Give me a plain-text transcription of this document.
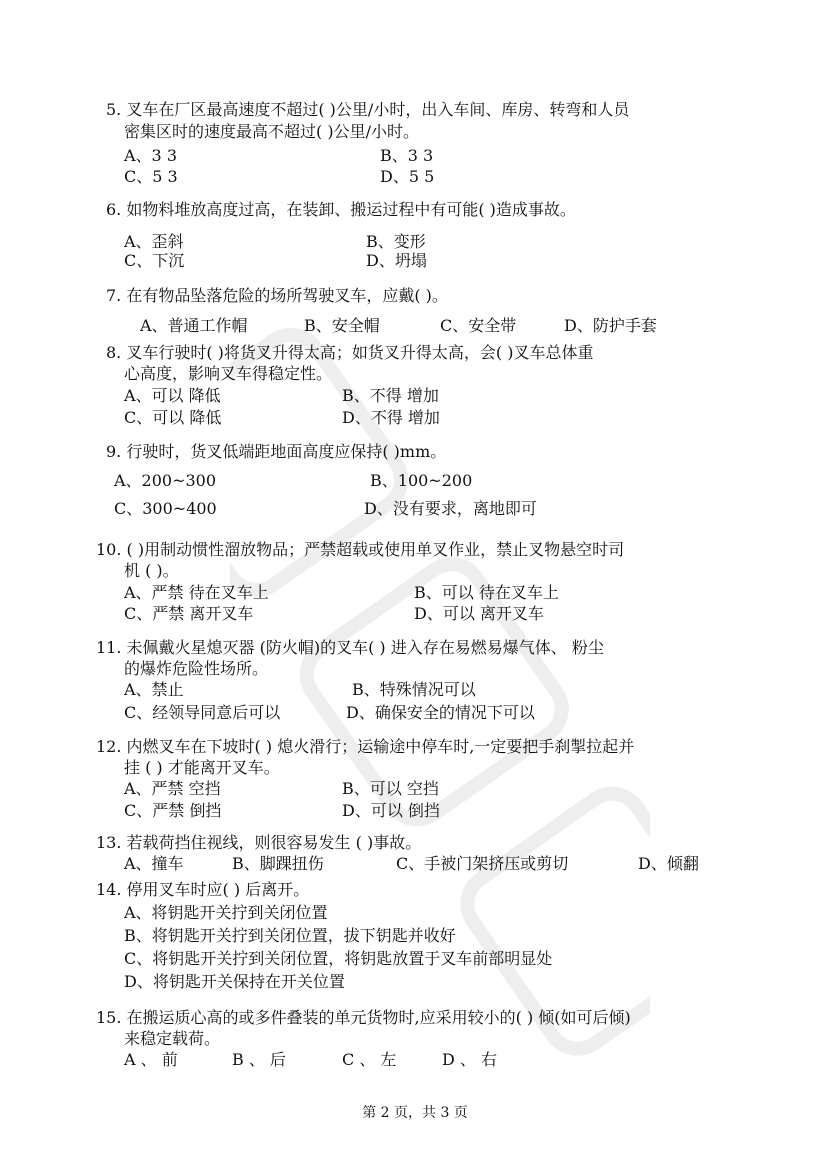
5. 叉车在厂区最高速度不超过( )公里/小时，出入车间、库房、转弯和人员
密集区时的速度最高不超过( )公里/小时。
A、3 3	B、3 3
C、5 3	D、5 5
6. 如物料堆放高度过高，在装卸、搬运过程中有可能( )造成事故。
A、歪斜	B、变形
C、下沉	D、坍塌
7. 在有物品坠落危险的场所驾驶叉车，应戴( )。
A、普通工作帽	B、安全帽	C、安全带	D、防护手套
8. 叉车行驶时( )将货叉升得太高；如货叉升得太高，会( )叉车总体重
心高度，影响叉车得稳定性。
A、可以 降低	B、不得 增加
C、可以 降低	D、不得 增加
9. 行驶时，货叉低端距地面高度应保持( )mm。
A、200~300	B、100~200
C、300~400	D、没有要求，离地即可
10. ( )用制动惯性溜放物品；严禁超载或使用单叉作业，禁止叉物悬空时司
机 ( )。
A、严禁 待在叉车上	B、可以 待在叉车上
C、严禁 离开叉车	D、可以 离开叉车
11. 未佩戴火星熄灭器 (防火帽)的叉车( ) 进入存在易燃易爆气体、 粉尘
的爆炸危险性场所。
A、禁止	B、特殊情况可以
C、经领导同意后可以	D、确保安全的情况下可以
12. 内燃叉车在下坡时( ) 熄火滑行；运输途中停车时,一定要把手刹掣拉起并
挂 ( ) 才能离开叉车。
A、严禁 空挡	B、可以 空挡
C、严禁 倒挡	D、可以 倒挡
13. 若载荷挡住视线，则很容易发生 ( )事故。
A、撞车	B、脚踝扭伤	C、手被门架挤压或剪切	D、倾翻
14. 停用叉车时应( ) 后离开。
A、将钥匙开关拧到关闭位置
B、将钥匙开关拧到关闭位置，拔下钥匙并收好
C、将钥匙开关拧到关闭位置，将钥匙放置于叉车前部明显处
D、将钥匙开关保持在开关位置
15. 在搬运质心高的或多件叠装的单元货物时,应采用较小的( ) 倾(如可后倾)
来稳定载荷。
A 、 前	B 、 后	C 、 左	D 、 右
第 2 页，共 3 页
